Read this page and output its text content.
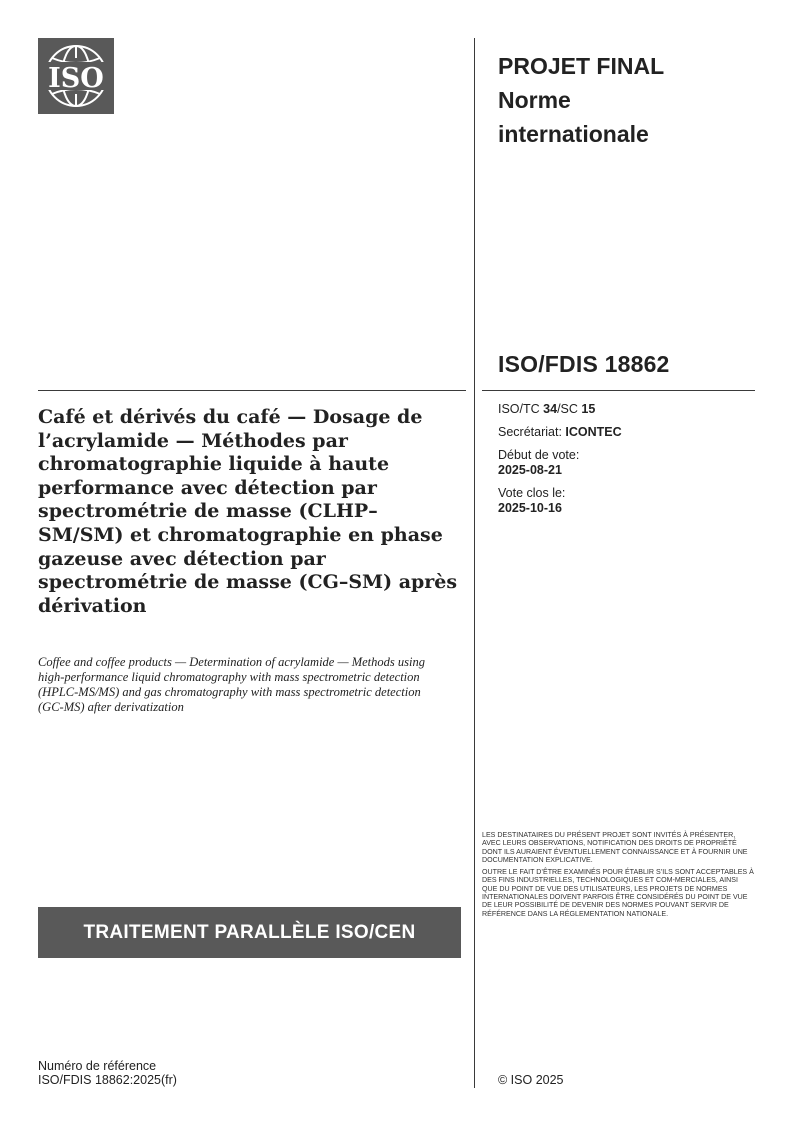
ISO	PROJET FINAL
Norme
internationale
ISO/FDIS 18862
ISO/TC 34/SC 15
Secrétariat: ICONTEC
Début de vote:
2025-08-21
Vote clos le:
2025-10-16
Café et dérivés du café — Dosage de l’acrylamide — Méthodes par chromatographie liquide à haute performance avec détection par spectrométrie de masse (CLHP–SM/SM) et chromatographie en phase gazeuse avec détection par spectrométrie de masse (CG–SM) après dérivation
Coffee and coffee products — Determination of acrylamide — Methods using high-performance liquid chromatography with mass spectrometric detection (HPLC-MS/MS) and gas chromatography with mass spectrometric detection (GC-MS) after derivatization

LES DESTINATAIRES DU PRÉSENT PROJET SONT INVITÉS À PRÉSENTER, AVEC LEURS OBSERVATIONS, NOTIFICATION DES DROITS DE PROPRIÉTÉ DONT ILS AURAIENT ÉVENTUELLEMENT CONNAISSANCE ET À FOURNIR UNE DOCUMENTATION EXPLICATIVE.

OUTRE LE FAIT D’ÊTRE EXAMINÉS POUR ÉTABLIR S’ILS SONT ACCEPTABLES À DES FINS INDUSTRIELLES, TECHNOLOGIQUES ET COM-MERCIALES, AINSI QUE DU POINT DE VUE DES UTILISATEURS, LES PROJETS DE NORMES INTERNATIONALES DOIVENT PARFOIS ÊTRE CONSIDÉRÉS DU POINT DE VUE DE LEUR POSSIBILITÉ DE DEVENIR DES NORMES POUVANT SERVIR DE RÉFÉRENCE DANS LA RÉGLEMENTATION NATIONALE.

TRAITEMENT PARALLÈLE ISO/CEN
Numéro de référence
ISO/FDIS 18862:2025(fr)	© ISO 2025
